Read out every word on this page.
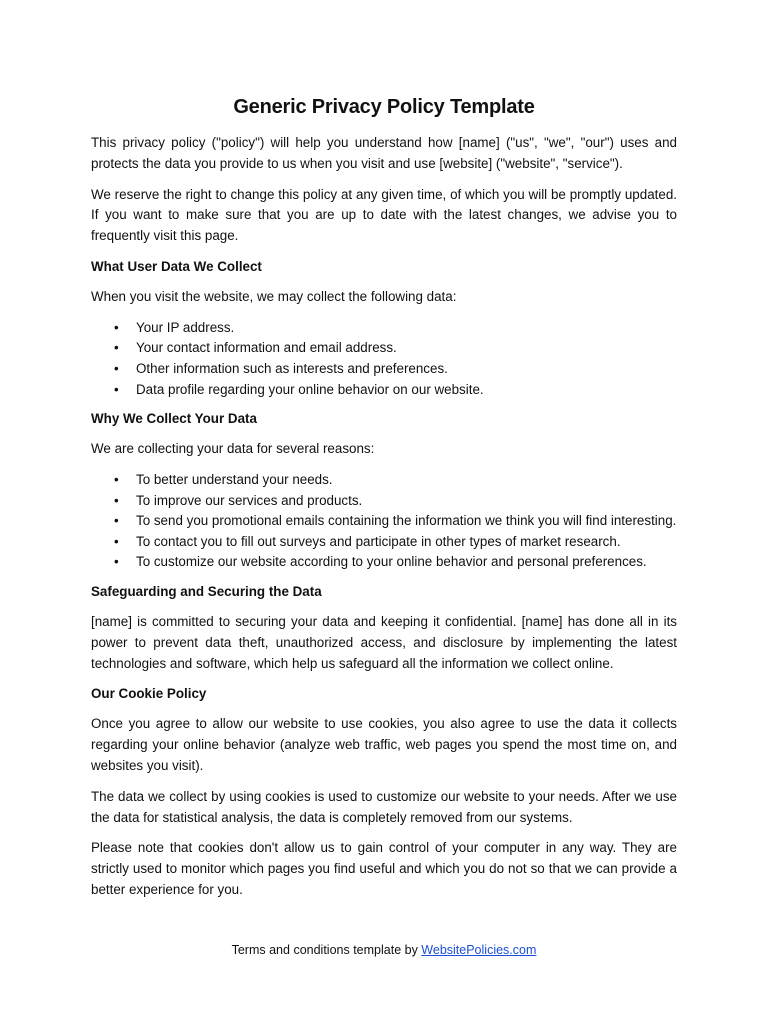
Generic Privacy Policy Template

This privacy policy ("policy") will help you understand how [name] ("us", "we", "our") uses and protects the data you provide to us when you visit and use [website] ("website", "service").

We reserve the right to change this policy at any given time, of which you will be promptly updated. If you want to make sure that you are up to date with the latest changes, we advise you to frequently visit this page.

What User Data We Collect

When you visit the website, we may collect the following data:

• Your IP address.
• Your contact information and email address.
• Other information such as interests and preferences.
• Data profile regarding your online behavior on our website.
Why We Collect Your Data

We are collecting your data for several reasons:

• To better understand your needs.
• To improve our services and products.
• To send you promotional emails containing the information we think you will find interesting.
• To contact you to fill out surveys and participate in other types of market research.
• To customize our website according to your online behavior and personal preferences.
Safeguarding and Securing the Data

[name] is committed to securing your data and keeping it confidential. [name] has done all in its power to prevent data theft, unauthorized access, and disclosure by implementing the latest technologies and software, which help us safeguard all the information we collect online.

Our Cookie Policy

Once you agree to allow our website to use cookies, you also agree to use the data it collects regarding your online behavior (analyze web traffic, web pages you spend the most time on, and websites you visit).

The data we collect by using cookies is used to customize our website to your needs. After we use the data for statistical analysis, the data is completely removed from our systems.

Please note that cookies don't allow us to gain control of your computer in any way. They are strictly used to monitor which pages you find useful and which you do not so that we can provide a better experience for you.

Terms and conditions template by WebsitePolicies.com
